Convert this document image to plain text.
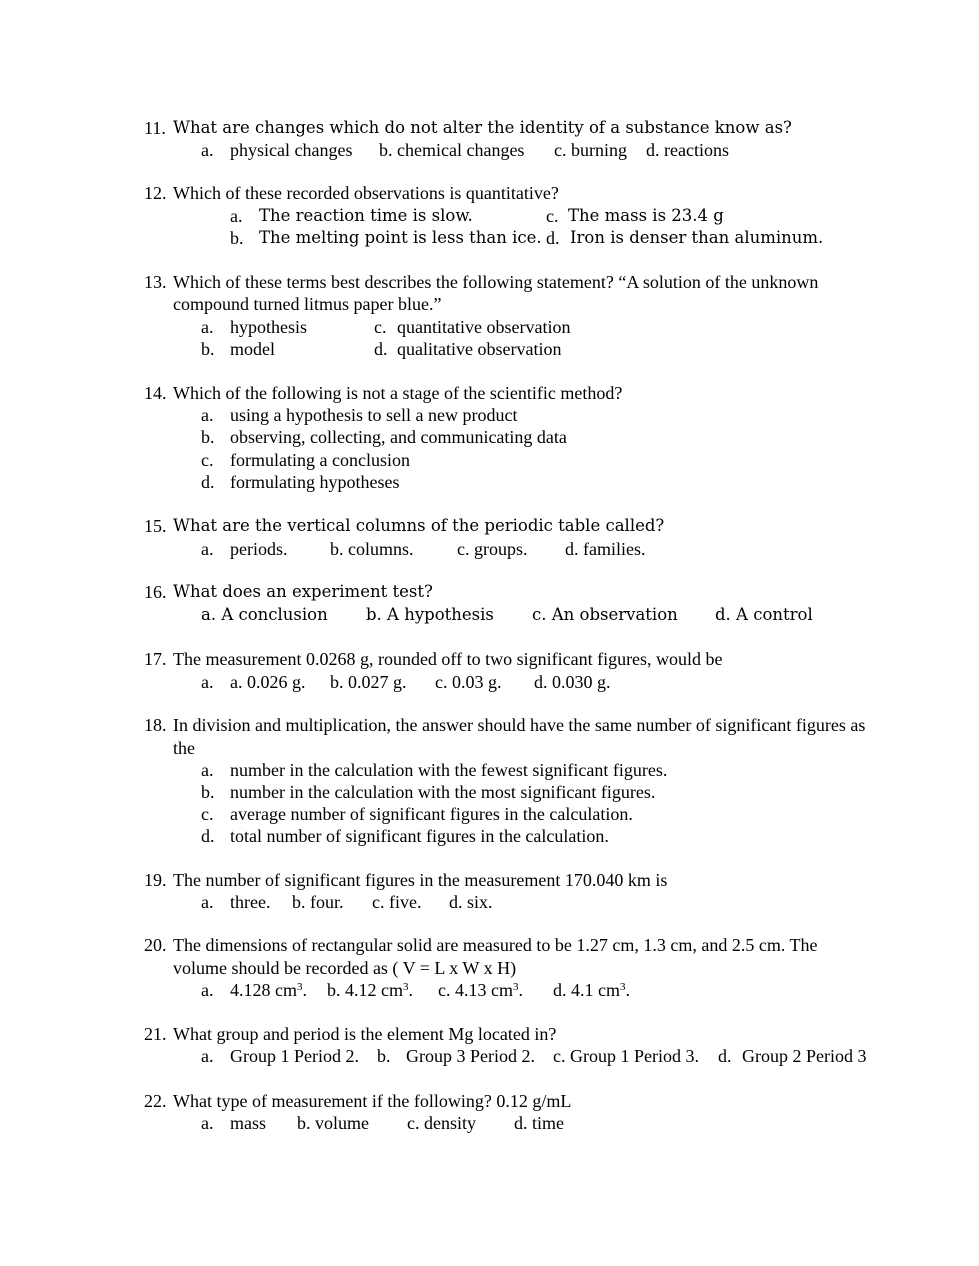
11. What are changes which do not alter the identity of a substance know as?
a. physical changes b. chemical changes c. burning d. reactions
12. Which of these recorded observations is quantitative?
a. The reaction time is slow.	c. The mass is 23.4 g
b. The melting point is less than ice. d. Iron is denser than aluminum.
13. Which of these terms best describes the following statement? “A solution of the unknown
compound turned litmus paper blue.”
a. hypothesis	c. quantitative observation
b. model	d. qualitative observation
14. Which of the following is not a stage of the scientific method?
a. using a hypothesis to sell a new product
b. observing, collecting, and communicating data
c. formulating a conclusion
d. formulating hypotheses
15. What are the vertical columns of the periodic table called?
a. periods. b. columns. c. groups. d. families.
16. What does an experiment test?
a. A conclusion b. A hypothesis c. An observation d. A control
17. The measurement 0.0268 g, rounded off to two significant figures, would be
a. a. 0.026 g. b. 0.027 g. c. 0.03 g. d. 0.030 g.
18. In division and multiplication, the answer should have the same number of significant figures as
the
a. number in the calculation with the fewest significant figures.
b. number in the calculation with the most significant figures.
c. average number of significant figures in the calculation.
d. total number of significant figures in the calculation.
19. The number of significant figures in the measurement 170.040 km is
a. three. b. four. c. five. d. six.
20. The dimensions of rectangular solid are measured to be 1.27 cm, 1.3 cm, and 2.5 cm. The
volume should be recorded as ( V = L x W x H)
a. 4.128 $cm^3$. b. 4.12 $cm^3$. c. 4.13 $cm^3$. d. 4.1 $cm^3$.
21. What group and period is the element Mg located in?
a. Group 1 Period 2. b. Group 3 Period 2. c. Group 1 Period 3. d. Group 2 Period 3
22. What type of measurement if the following? 0.12 g/mL
a. mass b. volume c. density d. time
